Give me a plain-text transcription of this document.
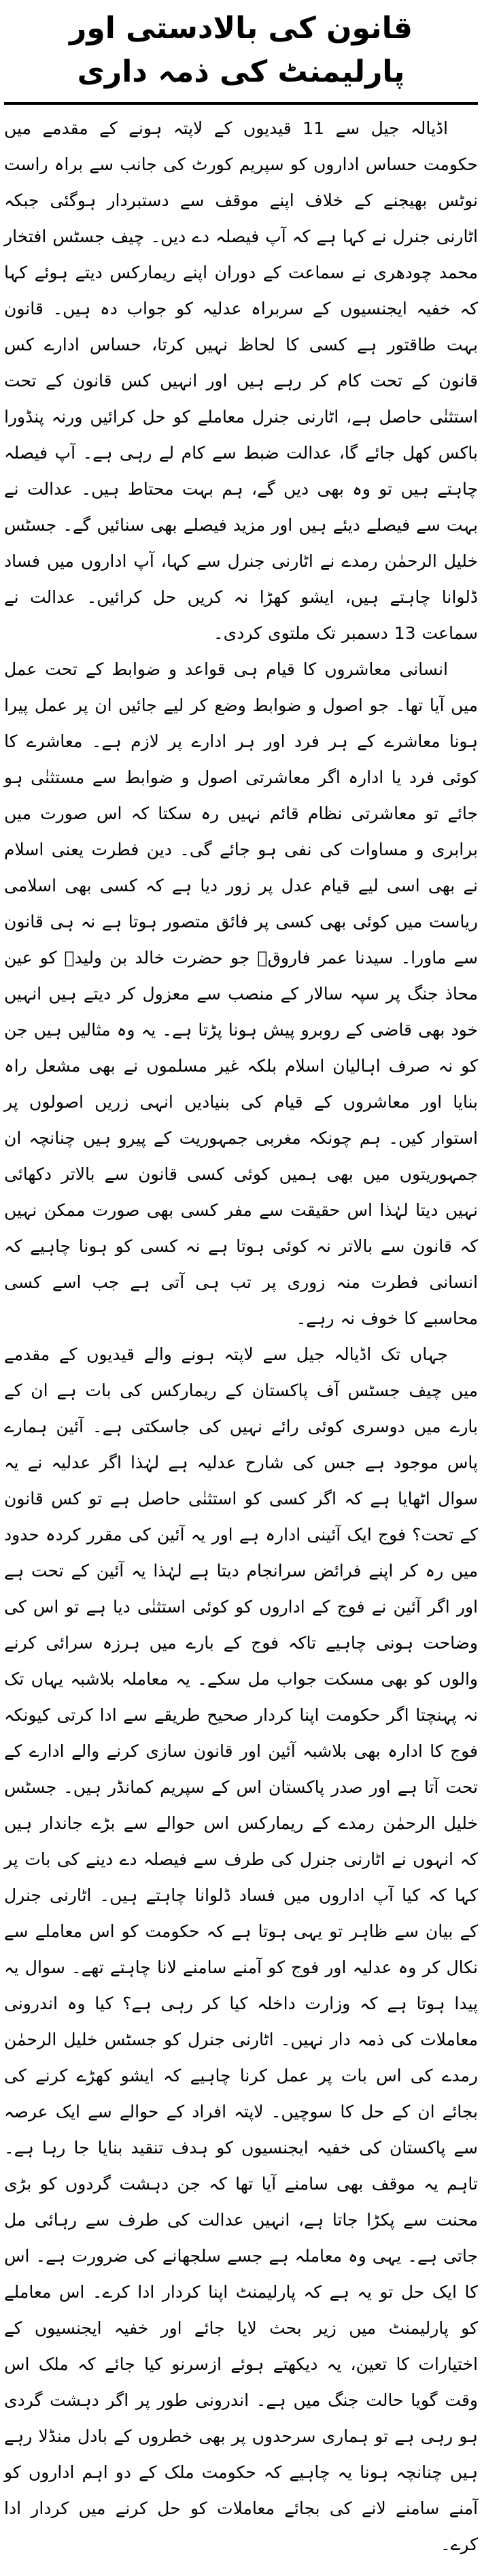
قانون کی بالادستی اور پارلیمنٹ کی ذمہ داری

اڈیالہ جیل سے 11 قیدیوں کے لاپتہ ہونے کے مقدمے میں حکومت حساس اداروں کو سپریم کورٹ کی جانب سے براہ راست نوٹس بھیجنے کے خلاف اپنے موقف سے دستبردار ہوگئی جبکہ اٹارنی جنرل نے کہا ہے کہ آپ فیصلہ دے دیں۔ چیف جسٹس افتخار محمد چودھری نے سماعت کے دوران اپنے ریمارکس دیتے ہوئے کہا کہ خفیہ ایجنسیوں کے سربراہ عدلیہ کو جواب دہ ہیں۔ قانون بہت طاقتور ہے کسی کا لحاظ نہیں کرتا، حساس ادارے کس قانون کے تحت کام کر رہے ہیں اور انہیں کس قانون کے تحت استثنٰی حاصل ہے، اٹارنی جنرل معاملے کو حل کرائیں ورنہ پنڈورا باکس کھل جائے گا، عدالت ضبط سے کام لے رہی ہے۔ آپ فیصلہ چاہتے ہیں تو وہ بھی دیں گے، ہم بہت محتاط ہیں۔ عدالت نے بہت سے فیصلے دیئے ہیں اور مزید فیصلے بھی سنائیں گے۔ جسٹس خلیل الرحمٰن رمدے نے اٹارنی جنرل سے کہا، آپ اداروں میں فساد ڈلوانا چاہتے ہیں، ایشو کھڑا نہ کریں حل کرائیں۔ عدالت نے سماعت 13 دسمبر تک ملتوی کردی۔

انسانی معاشروں کا قیام ہی قواعد و ضوابط کے تحت عمل میں آیا تھا۔ جو اصول و ضوابط وضع کر لیے جائیں ان پر عمل پیرا ہونا معاشرے کے ہر فرد اور ہر ادارے پر لازم ہے۔ معاشرے کا کوئی فرد یا ادارہ اگر معاشرتی اصول و ضوابط سے مستثنٰی ہو جائے تو معاشرتی نظام قائم نہیں رہ سکتا کہ اس صورت میں برابری و مساوات کی نفی ہو جائے گی۔ دین فطرت یعنی اسلام نے بھی اسی لیے قیام عدل پر زور دیا ہے کہ کسی بھی اسلامی ریاست میں کوئی بھی کسی پر فائق متصور ہوتا ہے نہ ہی قانون سے ماورا۔ سیدنا عمر فاروقؓ جو حضرت خالد بن ولیدؓ کو عین محاذ جنگ پر سپہ سالار کے منصب سے معزول کر دیتے ہیں انہیں خود بھی قاضی کے روبرو پیش ہونا پڑتا ہے۔ یہ وہ مثالیں ہیں جن کو نہ صرف اہالیان اسلام بلکہ غیر مسلموں نے بھی مشعل راہ بنایا اور معاشروں کے قیام کی بنیادیں انہی زریں اصولوں پر استوار کیں۔ ہم چونکہ مغربی جمہوریت کے پیرو ہیں چنانچہ ان جمہوریتوں میں بھی ہمیں کوئی کسی قانون سے بالاتر دکھائی نہیں دیتا لہٰذا اس حقیقت سے مفر کسی بھی صورت ممکن نہیں کہ قانون سے بالاتر نہ کوئی ہوتا ہے نہ کسی کو ہونا چاہیے کہ انسانی فطرت منہ زوری پر تب ہی آتی ہے جب اسے کسی محاسبے کا خوف نہ رہے۔

جہاں تک اڈیالہ جیل سے لاپتہ ہونے والے قیدیوں کے مقدمے میں چیف جسٹس آف پاکستان کے ریمارکس کی بات ہے ان کے بارے میں دوسری کوئی رائے نہیں کی جاسکتی ہے۔ آئین ہمارے پاس موجود ہے جس کی شارح عدلیہ ہے لہٰذا اگر عدلیہ نے یہ سوال اٹھایا ہے کہ اگر کسی کو استثنٰی حاصل ہے تو کس قانون کے تحت؟ فوج ایک آئینی ادارہ ہے اور یہ آئین کی مقرر کردہ حدود میں رہ کر اپنے فرائض سرانجام دیتا ہے لہٰذا یہ آئین کے تحت ہے اور اگر آئین نے فوج کے اداروں کو کوئی استثنٰی دیا ہے تو اس کی وضاحت ہونی چاہیے تاکہ فوج کے بارے میں ہرزہ سرائی کرنے والوں کو بھی مسکت جواب مل سکے۔ یہ معاملہ بلاشبہ یہاں تک نہ پہنچتا اگر حکومت اپنا کردار صحیح طریقے سے ادا کرتی کیونکہ فوج کا ادارہ بھی بلاشبہ آئین اور قانون سازی کرنے والے ادارے کے تحت آتا ہے اور صدر پاکستان اس کے سپریم کمانڈر ہیں۔ جسٹس خلیل الرحمٰن رمدے کے ریمارکس اس حوالے سے بڑے جاندار ہیں کہ انہوں نے اٹارنی جنرل کی طرف سے فیصلہ دے دینے کی بات پر کہا کہ کیا آپ اداروں میں فساد ڈلوانا چاہتے ہیں۔ اٹارنی جنرل کے بیان سے ظاہر تو یہی ہوتا ہے کہ حکومت کو اس معاملے سے نکال کر وہ عدلیہ اور فوج کو آمنے سامنے لانا چاہتے تھے۔ سوال یہ پیدا ہوتا ہے کہ وزارت داخلہ کیا کر رہی ہے؟ کیا وہ اندرونی معاملات کی ذمہ دار نہیں۔ اٹارنی جنرل کو جسٹس خلیل الرحمٰن رمدے کی اس بات پر عمل کرنا چاہیے کہ ایشو کھڑے کرنے کی بجائے ان کے حل کا سوچیں۔ لاپتہ افراد کے حوالے سے ایک عرصہ سے پاکستان کی خفیہ ایجنسیوں کو ہدف تنقید بنایا جا رہا ہے۔ تاہم یہ موقف بھی سامنے آیا تھا کہ جن دہشت گردوں کو بڑی محنت سے پکڑا جاتا ہے، انہیں عدالت کی طرف سے رہائی مل جاتی ہے۔ یہی وہ معاملہ ہے جسے سلجھانے کی ضرورت ہے۔ اس کا ایک حل تو یہ ہے کہ پارلیمنٹ اپنا کردار ادا کرے۔ اس معاملے کو پارلیمنٹ میں زیر بحث لایا جائے اور خفیہ ایجنسیوں کے اختیارات کا تعین، یہ دیکھتے ہوئے ازسرنو کیا جائے کہ ملک اس وقت گویا حالت جنگ میں ہے۔ اندرونی طور پر اگر دہشت گردی ہو رہی ہے تو ہماری سرحدوں پر بھی خطروں کے بادل منڈلا رہے ہیں چنانچہ ہونا یہ چاہیے کہ حکومت ملک کے دو اہم اداروں کو آمنے سامنے لانے کی بجائے معاملات کو حل کرنے میں کردار ادا کرے۔
